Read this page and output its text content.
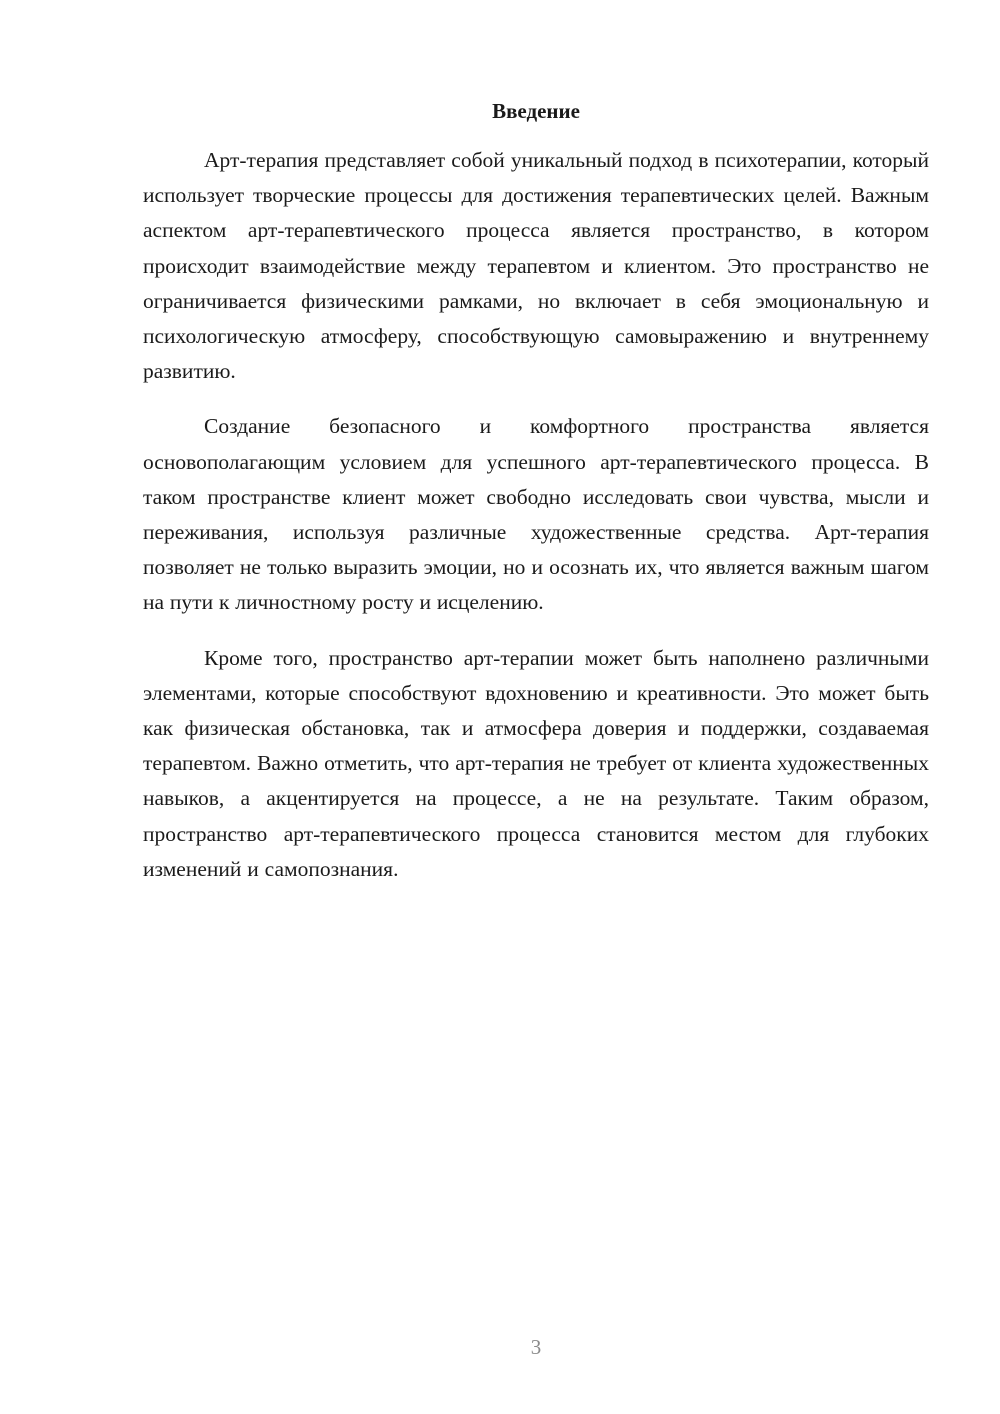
Введение

Арт-терапия представляет собой уникальный подход в психотерапии, который использует творческие процессы для достижения терапевтических целей. Важным аспектом арт-терапевтического процесса является пространство, в котором происходит взаимодействие между терапевтом и клиентом. Это пространство не ограничивается физическими рамками, но включает в себя эмоциональную и психологическую атмосферу, способствующую самовыражению и внутреннему развитию.

Создание безопасного и комфортного пространства является основополагающим условием для успешного арт-терапевтического процесса. В таком пространстве клиент может свободно исследовать свои чувства, мысли и переживания, используя различные художественные средства. Арт-терапия позволяет не только выразить эмоции, но и осознать их, что является важным шагом на пути к личностному росту и исцелению.

Кроме того, пространство арт-терапии может быть наполнено различными элементами, которые способствуют вдохновению и креативности. Это может быть как физическая обстановка, так и атмосфера доверия и поддержки, создаваемая терапевтом. Важно отметить, что арт-терапия не требует от клиента художественных навыков, а акцентируется на процессе, а не на результате. Таким образом, пространство арт-терапевтического процесса становится местом для глубоких изменений и самопознания.

3
